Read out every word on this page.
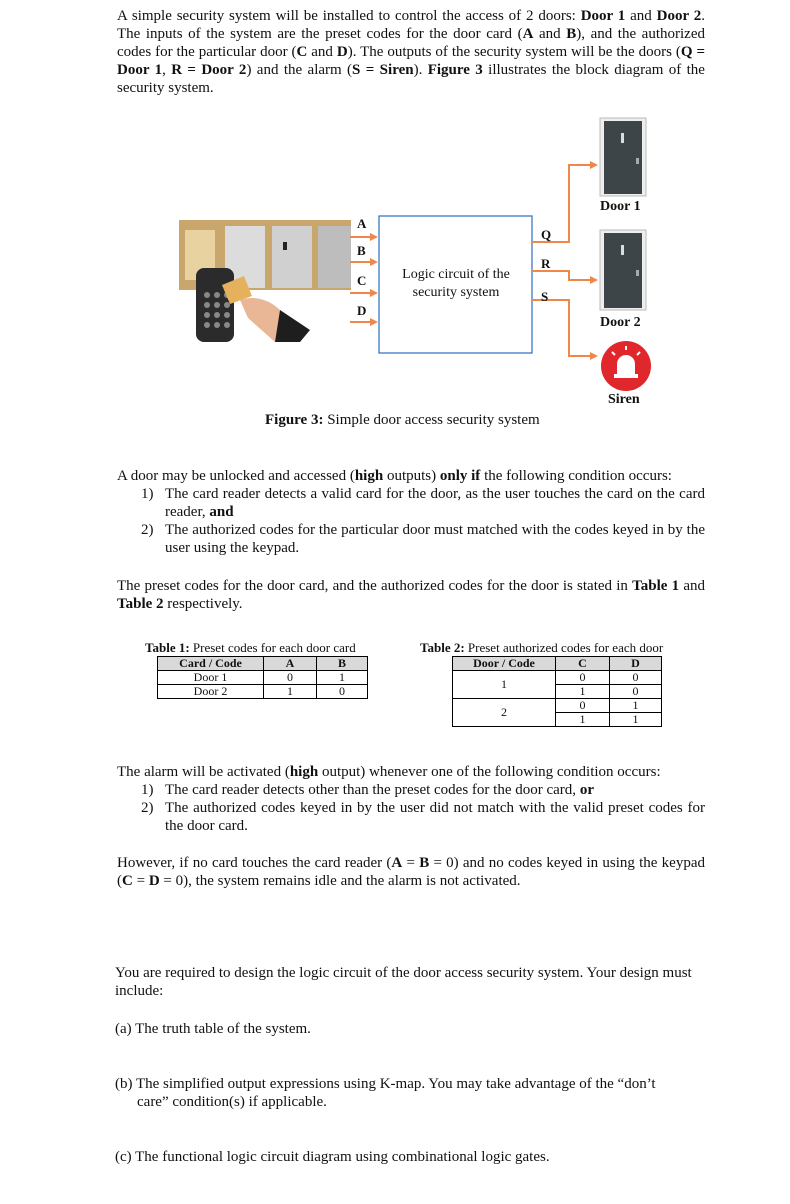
A simple security system will be installed to control the access of 2 doors: Door 1 and Door 2. The inputs of the system are the preset codes for the door card (A and B), and the authorized codes for the particular door (C and D). The outputs of the security system will be the doors (Q = Door 1, R = Door 2) and the alarm (S = Siren). Figure 3 illustrates the block diagram of the security system.
A
B
C
D
Q
R
S
Logic circuit of the
security system
Door 1
Door 2
Siren
Figure 3: Simple door access security system
A door may be unlocked and accessed (high outputs) only if the following condition occurs:
1) The card reader detects a valid card for the door, as the user touches the card on the card reader, and
2) The authorized codes for the particular door must matched with the codes keyed in by the user using the keypad.
The preset codes for the door card, and the authorized codes for the door is stated in Table 1 and Table 2 respectively.
Table 1: Preset codes for each door card
Card / Code	A	B
Door 1	0	1
Door 2	1	0
Table 2: Preset authorized codes for each door
Door / Code	C	D
1	0	0
	1	0
2	0	1
	1	1
The alarm will be activated (high output) whenever one of the following condition occurs:
1) The card reader detects other than the preset codes for the door card, or
2) The authorized codes keyed in by the user did not match with the valid preset codes for the door card.
However, if no card touches the card reader (A = B = 0) and no codes keyed in using the keypad (C = D = 0), the system remains idle and the alarm is not activated.
You are required to design the logic circuit of the door access security system. Your design must include:
(a) The truth table of the system.
(b) The simplified output expressions using K-map. You may take advantage of the “don’t
care” condition(s) if applicable.
(c) The functional logic circuit diagram using combinational logic gates.
